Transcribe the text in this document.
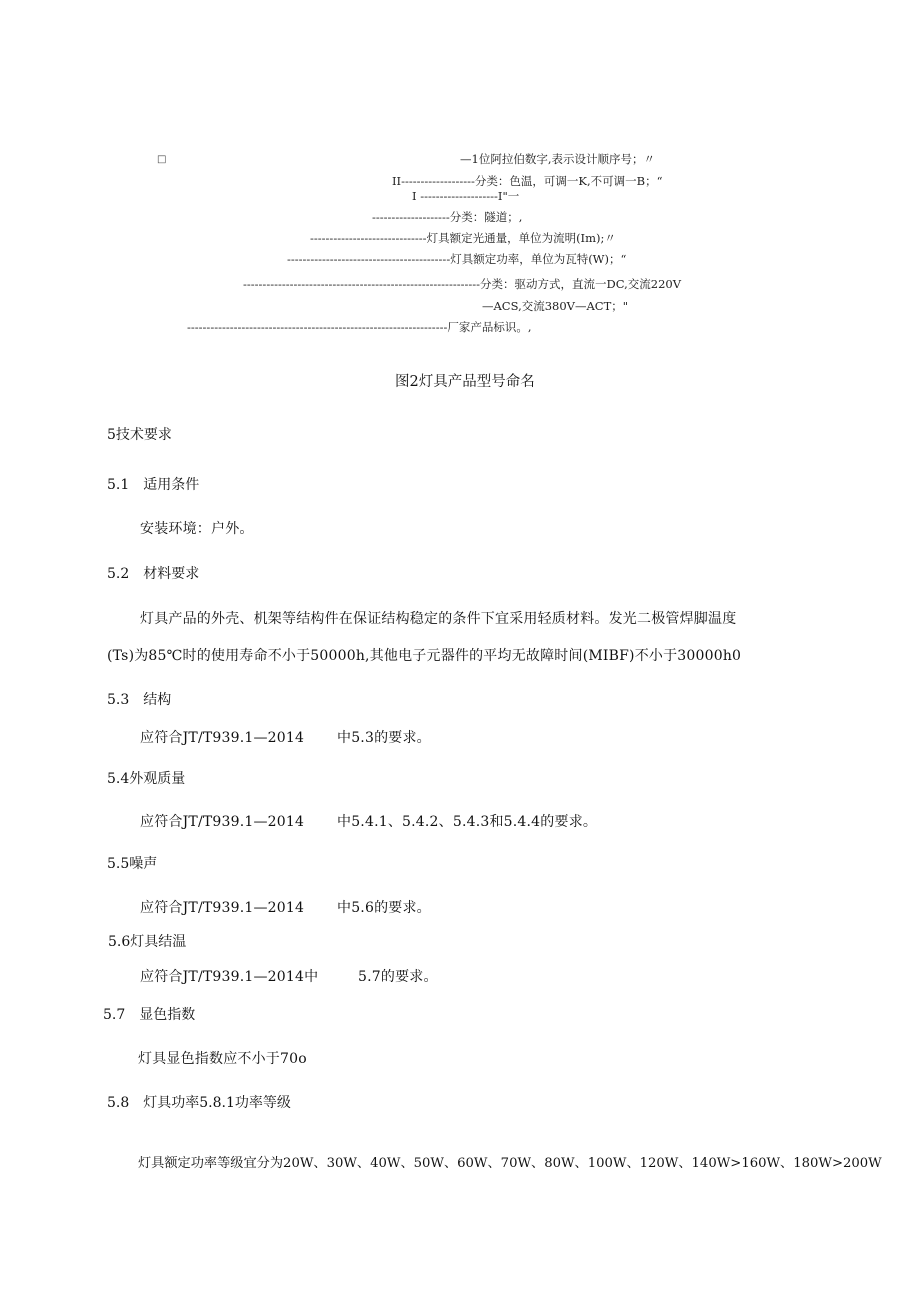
□	—1位阿拉伯数字,表示设计顺序号；〃
II-------------------分类：色温，可调一K,不可调一B；“
I --------------------I"一
--------------------分类：隧道；,
------------------------------灯具额定光通量，单位为流明(Im);〃
------------------------------------------灯具额定功率，单位为瓦特(W)；“
-------------------------------------------------------------分类：驱动方式，直流一DC,交流220V
—ACS,交流380V—ACT；"
-------------------------------------------------------------------厂家产品标识。,
图2灯具产品型号命名
5技术要求
5.1　适用条件
安装环境：户外。
5.2　材料要求
灯具产品的外壳、机架等结构件在保证结构稳定的条件下宜采用轻质材料。发光二极管焊脚温度
(Ts)为85℃时的使用寿命不小于50000h,其他电子元器件的平均无故障时间(MIBF)不小于30000h0
5.3　结构
应符合JT/T939.1—2014 中5.3的要求。
5.4外观质量
应符合JT/T939.1—2014 中5.4.1、5.4.2、5.4.3和5.4.4的要求。
5.5噪声
应符合JT/T939.1—2014 中5.6的要求。
5.6灯具结温
应符合JT/T939.1—2014中	5.7的要求。
5.7　显色指数
灯具显色指数应不小于70o
5.8　灯具功率5.8.1功率等级
灯具额定功率等级宜分为20W、30W、40W、50W、60W、70W、80W、100W、120W、140W>160W、180W>200W
